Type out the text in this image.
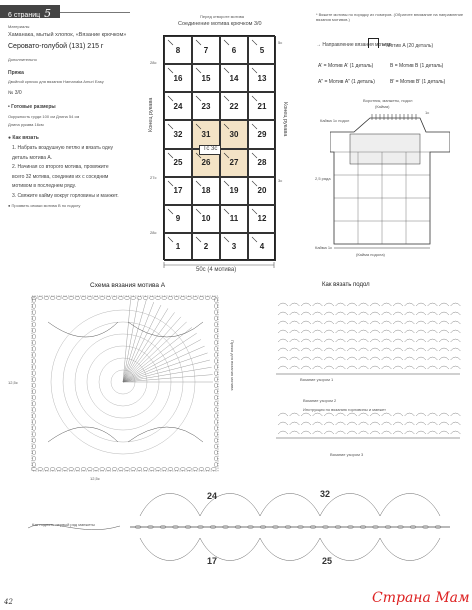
6 страниц 5

Материалы

Хаманака, мытый хлопок, «Вязание крючком»

Серовато-голубой (131) 215 г

Дополнительно

Пряжа

Двойной крючок для вязания Hamanaka Amuri Easy

№ 3/0

• Готовые размеры

Окружность груди 100 см Длина 54 см

Длина рукава 16см

● Как вязать

1. Набрать воздушную петлю и вязать одну

деталь мотива А.

2. Начиная со второго мотива, провяжите

всего 32 мотива, соединив их с соседним

мотивом в последнем ряду.

3. Свяжите кайму вокруг горловины и манжет.

● Проявить связки мотива В по подолу

Перед отвороте мотива
Соединение мотива крючком 3/0
8	7	6	5
16	15	14	13
24	23	22	21
32	31	30	29
25	26	27	28
17	18	19	20
9	10	11	12
1	2	3	4
Тс 3с
Конец рукава	Конец рукава
28с
27с
28с
5с
3с
50с (4 мотива)
* Вяжите мотивы по порядку их номеров. (Обратите внимание на направление вязания мотивов.)
→ Направление вязания мотива
= Мотив A (20 деталь)
A' = Мотив A' (1 деталь)	B = Мотив B (1 деталь)
A" = Мотив A" (1 деталь)	B' = Мотив B' (1 деталь)
Воротник, манжеты, подол
(Кайма)
1с
Кайма 1с подол
2,5 ряда
Кайма 1с
(Кайма подола)
Схема вязания мотива A
12,5с
12,5с
Пряжа для вязания мотива
Как вязать подол
Вязание узором 1
Вязание узором 2
Инструкция по вязанию горловины и манжет
Вязание узором 3
Как поднять первый ряд манжеты
24	32
17	25
42	Страна Мам
